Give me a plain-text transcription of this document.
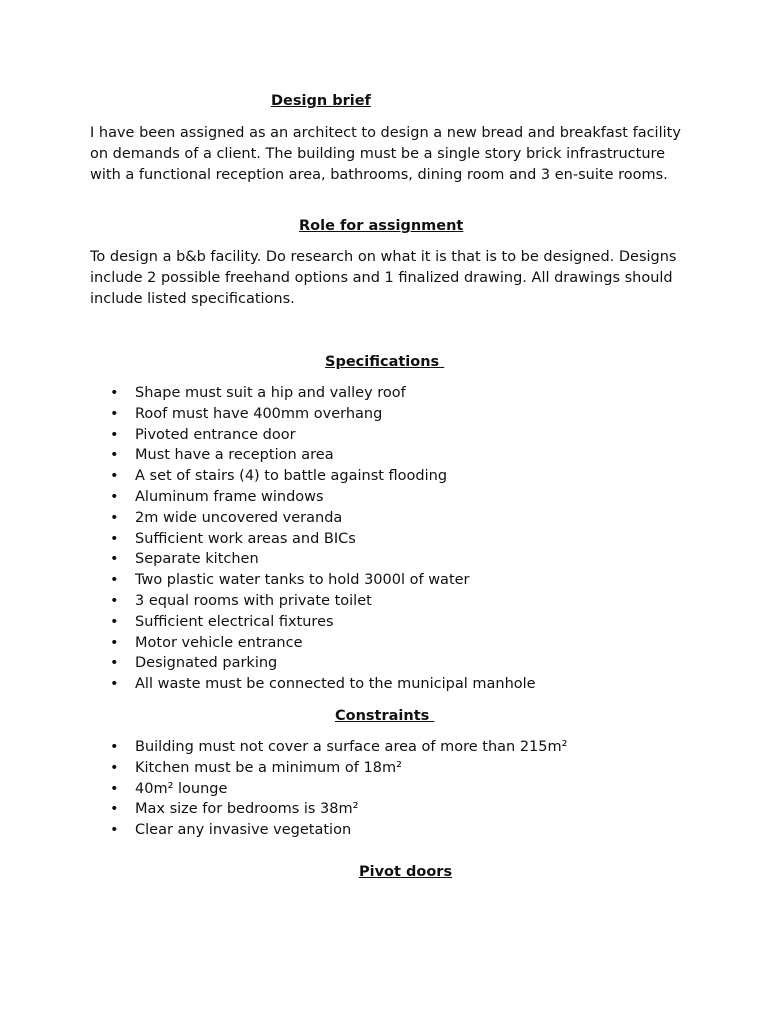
Design brief

I have been assigned as an architect to design a new bread and breakfast facility on demands of a client. The building must be a single story brick infrastructure with a functional reception area, bathrooms, dining room and 3 en-suite rooms.

Role for assignment

To design a b&b facility. Do research on what it is that is to be designed. Designs include 2 possible freehand options and 1 finalized drawing. All drawings should include listed specifications.

Specifications
• Shape must suit a hip and valley roof
• Roof must have 400mm overhang
• Pivoted entrance door
• Must have a reception area
• A set of stairs (4) to battle against flooding
• Aluminum frame windows
• 2m wide uncovered veranda
• Sufficient work areas and BICs
• Separate kitchen
• Two plastic water tanks to hold 3000l of water
• 3 equal rooms with private toilet
• Sufficient electrical fixtures
• Motor vehicle entrance
• Designated parking
• All waste must be connected to the municipal manhole
Constraints
• Building must not cover a surface area of more than 215m²
• Kitchen must be a minimum of 18m²
• 40m² lounge
• Max size for bedrooms is 38m²
• Clear any invasive vegetation
Pivot doors
